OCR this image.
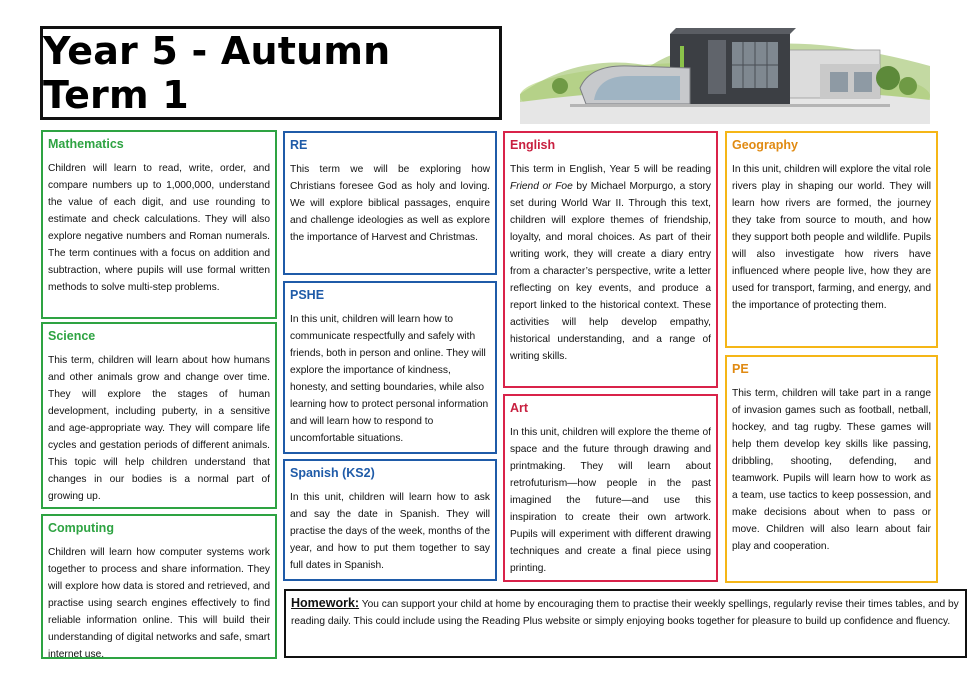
Year 5 - Autumn Term 1
Mathematics

Children will learn to read, write, order, and compare numbers up to 1,000,000, understand the value of each digit, and use rounding to estimate and check calculations. They will also explore negative numbers and Roman numerals. The term continues with a focus on addition and subtraction, where pupils will use formal written methods to solve multi-step problems.

Science

This term, children will learn about how humans and other animals grow and change over time. They will explore the stages of human development, including puberty, in a sensitive and age-appropriate way. They will compare life cycles and gestation periods of different animals. This topic will help children understand that changes in our bodies is a normal part of growing up.

Computing

Children will learn how computer systems work together to process and share information. They will explore how data is stored and retrieved, and practise using search engines effectively to find reliable information online. This will build their understanding of digital networks and safe, smart internet use.

RE

This term we will be exploring how Christians foresee God as holy and loving. We will explore biblical passages, enquire and challenge ideologies as well as explore the importance of Harvest and Christmas.

PSHE

In this unit, children will learn how to communicate respectfully and safely with friends, both in person and online. They will explore the importance of kindness, honesty, and setting boundaries, while also learning how to protect personal information and will learn how to respond to uncomfortable situations.

Spanish (KS2)

In this unit, children will learn how to ask and say the date in Spanish. They will practise the days of the week, months of the year, and how to put them together to say full dates in Spanish.

English

This term in English, Year 5 will be reading Friend or Foe by Michael Morpurgo, a story set during World War II. Through this text, children will explore themes of friendship, loyalty, and moral choices. As part of their writing work, they will create a diary entry from a character’s perspective, write a letter reflecting on key events, and produce a report linked to the historical context. These activities will help develop empathy, historical understanding, and a range of writing skills.

Art

In this unit, children will explore the theme of space and the future through drawing and printmaking. They will learn about retrofuturism—how people in the past imagined the future—and use this inspiration to create their own artwork. Pupils will experiment with different drawing techniques and create a final piece using printing.

Geography

In this unit, children will explore the vital role rivers play in shaping our world. They will learn how rivers are formed, the journey they take from source to mouth, and how they support both people and wildlife. Pupils will also investigate how rivers have influenced where people live, how they are used for transport, farming, and energy, and the importance of protecting them.

PE

This term, children will take part in a range of invasion games such as football, netball, hockey, and tag rugby. These games will help them develop key skills like passing, dribbling, shooting, defending, and teamwork. Pupils will learn how to work as a team, use tactics to keep possession, and make decisions about when to pass or move. Children will also learn about fair play and cooperation.

Homework: You can support your child at home by encouraging them to practise their weekly spellings, regularly revise their times tables, and by reading daily. This could include using the Reading Plus website or simply enjoying books together for pleasure to build up confidence and fluency.
